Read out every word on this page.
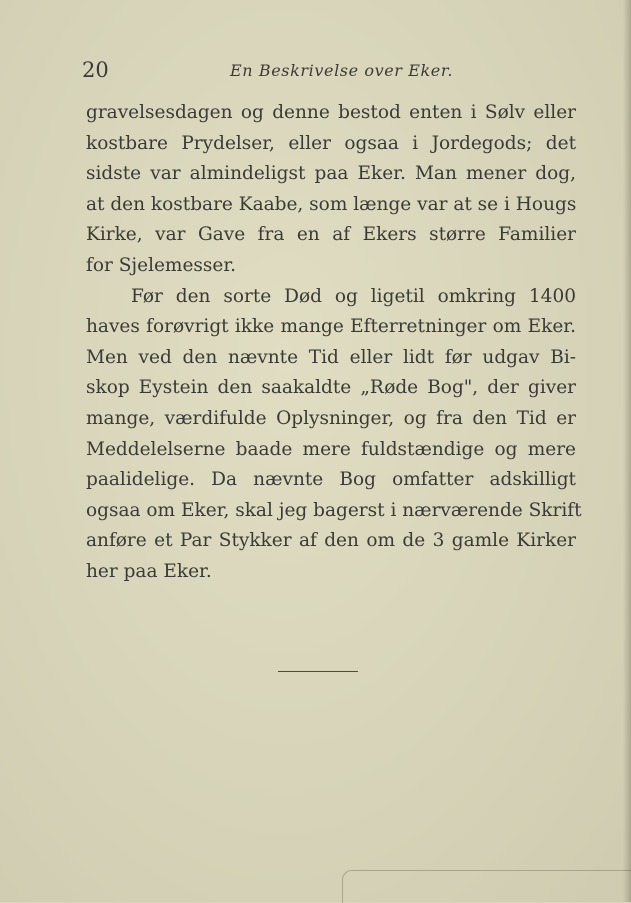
20	En Beskrivelse over Eker.
gravelsesdagen og denne bestod enten i Sølv eller
kostbare Prydelser, eller ogsaa i Jordegods; det
sidste var almindeligst paa Eker. Man mener dog,
at den kostbare Kaabe, som længe var at se i Hougs
Kirke, var Gave fra en af Ekers større Familier
for Sjelemesser.
Før den sorte Død og ligetil omkring 1400
haves forøvrigt ikke mange Efterretninger om Eker.
Men ved den nævnte Tid eller lidt før udgav Bi-
skop Eystein den saakaldte „Røde Bog", der giver
mange, værdifulde Oplysninger, og fra den Tid er
Meddelelserne baade mere fuldstændige og mere
paalidelige. Da nævnte Bog omfatter adskilligt
ogsaa om Eker, skal jeg bagerst i nærværende Skrift
anføre et Par Stykker af den om de 3 gamle Kirker
her paa Eker.
